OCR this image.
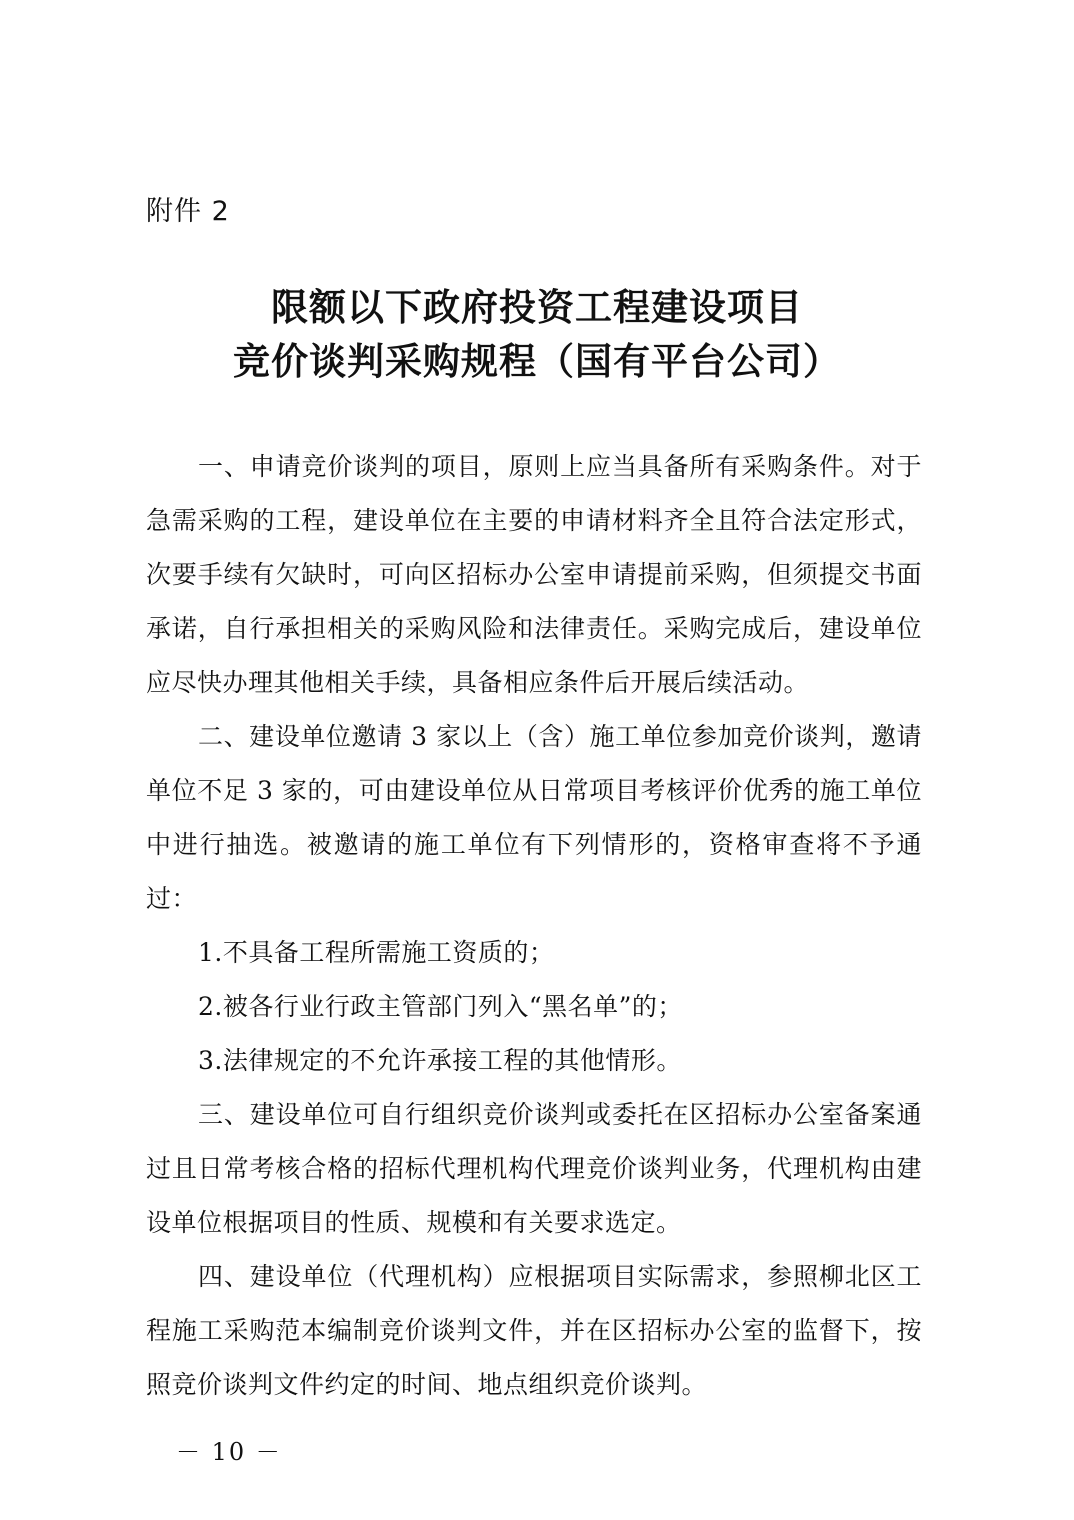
附件 2
限额以下政府投资工程建设项目
竞价谈判采购规程（国有平台公司）

一、申请竞价谈判的项目，原则上应当具备所有采购条件。对于急需采购的工程，建设单位在主要的申请材料齐全且符合法定形式，次要手续有欠缺时，可向区招标办公室申请提前采购，但须提交书面承诺，自行承担相关的采购风险和法律责任。采购完成后，建设单位应尽快办理其他相关手续，具备相应条件后开展后续活动。

二、建设单位邀请 3 家以上（含）施工单位参加竞价谈判，邀请单位不足 3 家的，可由建设单位从日常项目考核评价优秀的施工单位中进行抽选。被邀请的施工单位有下列情形的，资格审查将不予通过：

1.不具备工程所需施工资质的；

2.被各行业行政主管部门列入“黑名单”的；

3.法律规定的不允许承接工程的其他情形。

三、建设单位可自行组织竞价谈判或委托在区招标办公室备案通过且日常考核合格的招标代理机构代理竞价谈判业务，代理机构由建设单位根据项目的性质、规模和有关要求选定。

四、建设单位（代理机构）应根据项目实际需求，参照柳北区工程施工采购范本编制竞价谈判文件，并在区招标办公室的监督下，按照竞价谈判文件约定的时间、地点组织竞价谈判。

－ 10 －
